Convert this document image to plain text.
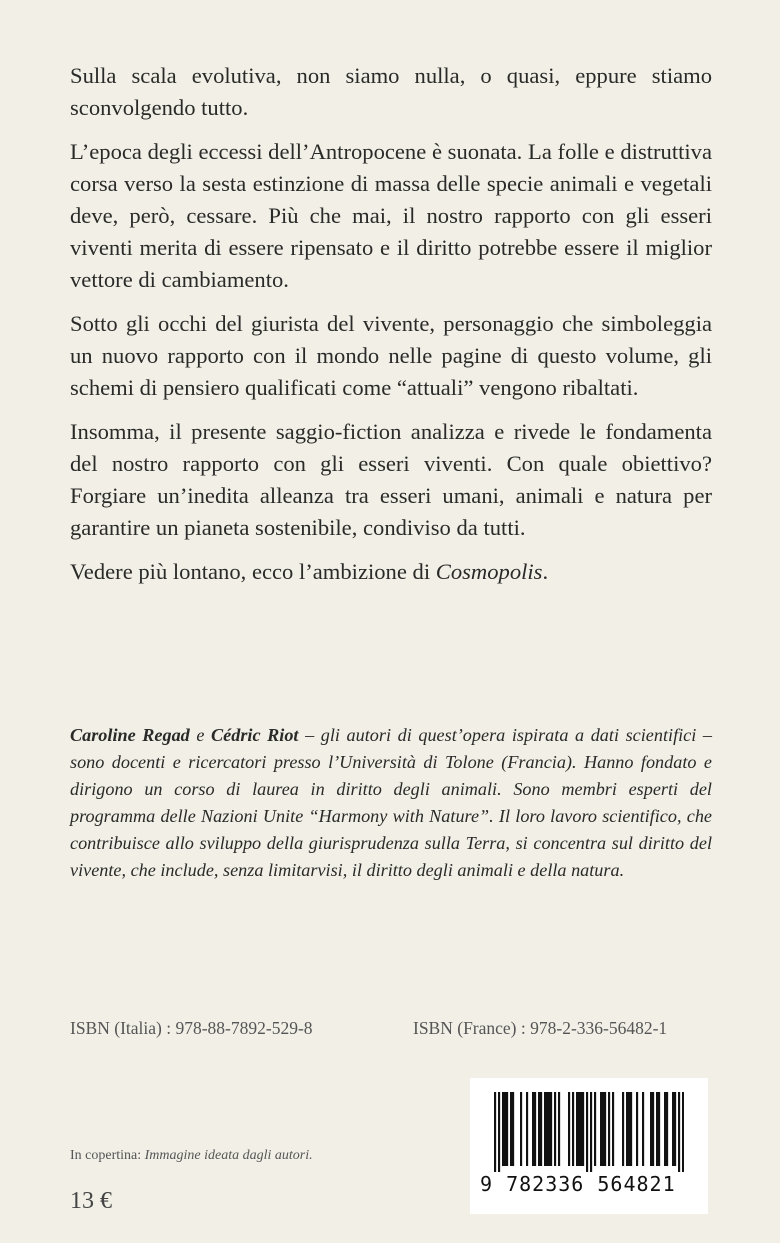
Sulla scala evolutiva, non siamo nulla, o quasi, eppure stiamo sconvolgendo tutto.

L’epoca degli eccessi dell’Antropocene è suonata. La folle e distruttiva corsa verso la sesta estinzione di massa delle specie animali e vegetali deve, però, cessare. Più che mai, il nostro rapporto con gli esseri viventi merita di essere ripensato e il diritto potrebbe essere il miglior vettore di cambiamento.

Sotto gli occhi del giurista del vivente, personaggio che simboleggia un nuovo rapporto con il mondo nelle pagine di questo volume, gli schemi di pensiero qualificati come “attuali” vengono ribaltati.

Insomma, il presente saggio-fiction analizza e rivede le fondamenta del nostro rapporto con gli esseri viventi. Con quale obiettivo? Forgiare un’inedita alleanza tra esseri umani, animali e natura per garantire un pianeta sostenibile, condiviso da tutti.

Vedere più lontano, ecco l’ambizione di Cosmopolis.

Caroline Regad e Cédric Riot – gli autori di quest’opera ispirata a dati scientifici – sono docenti e ricercatori presso l’Università di Tolone (Francia). Hanno fondato e dirigono un corso di laurea in diritto degli animali. Sono membri esperti del programma delle Nazioni Unite “Harmony with Nature”. Il loro lavoro scientifico, che contribuisce allo sviluppo della giurisprudenza sulla Terra, si concentra sul diritto del vivente, che include, senza limitarvisi, il diritto degli animali e della natura.

ISBN (Italia) : 978-88-7892-529-8	ISBN (France) : 978-2-336-56482-1
In copertina: Immagine ideata dagli autori.
13 €
9 782336 564821
